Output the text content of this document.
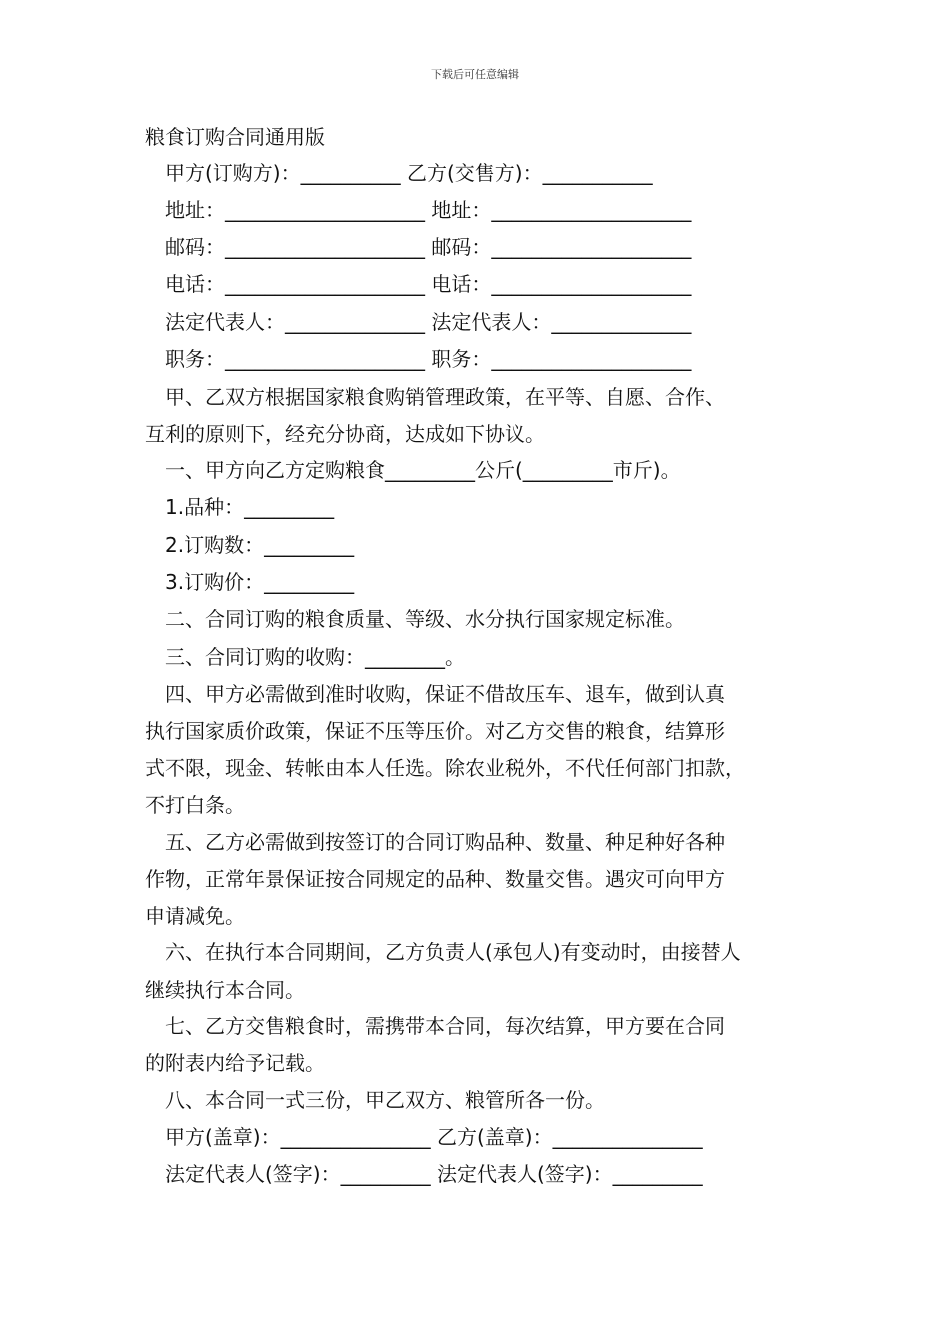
下载后可任意编辑
粮食订购合同通用版
甲方(订购方)：__________ 乙方(交售方)：___________
地址：____________________ 地址：____________________
邮码：____________________ 邮码：____________________
电话：____________________ 电话：____________________
法定代表人：______________ 法定代表人：______________
职务：____________________ 职务：____________________
甲、乙双方根据国家粮食购销管理政策，在平等、自愿、合作、
互利的原则下，经充分协商，达成如下协议。
一、甲方向乙方定购粮食_________公斤(_________市斤)。
1.品种：_________
2.订购数：_________
3.订购价：_________
二、合同订购的粮食质量、等级、水分执行国家规定标准。
三、合同订购的收购：________。
四、甲方必需做到准时收购，保证不借故压车、退车，做到认真
执行国家质价政策，保证不压等压价。对乙方交售的粮食，结算形
式不限，现金、转帐由本人任选。除农业税外，不代任何部门扣款，
不打白条。
五、乙方必需做到按签订的合同订购品种、数量、种足种好各种
作物，正常年景保证按合同规定的品种、数量交售。遇灾可向甲方
申请减免。
六、在执行本合同期间，乙方负责人(承包人)有变动时，由接替人
继续执行本合同。
七、乙方交售粮食时，需携带本合同，每次结算，甲方要在合同
的附表内给予记载。
八、本合同一式三份，甲乙双方、粮管所各一份。
甲方(盖章)：_______________ 乙方(盖章)：_______________
法定代表人(签字)：_________ 法定代表人(签字)：_________
